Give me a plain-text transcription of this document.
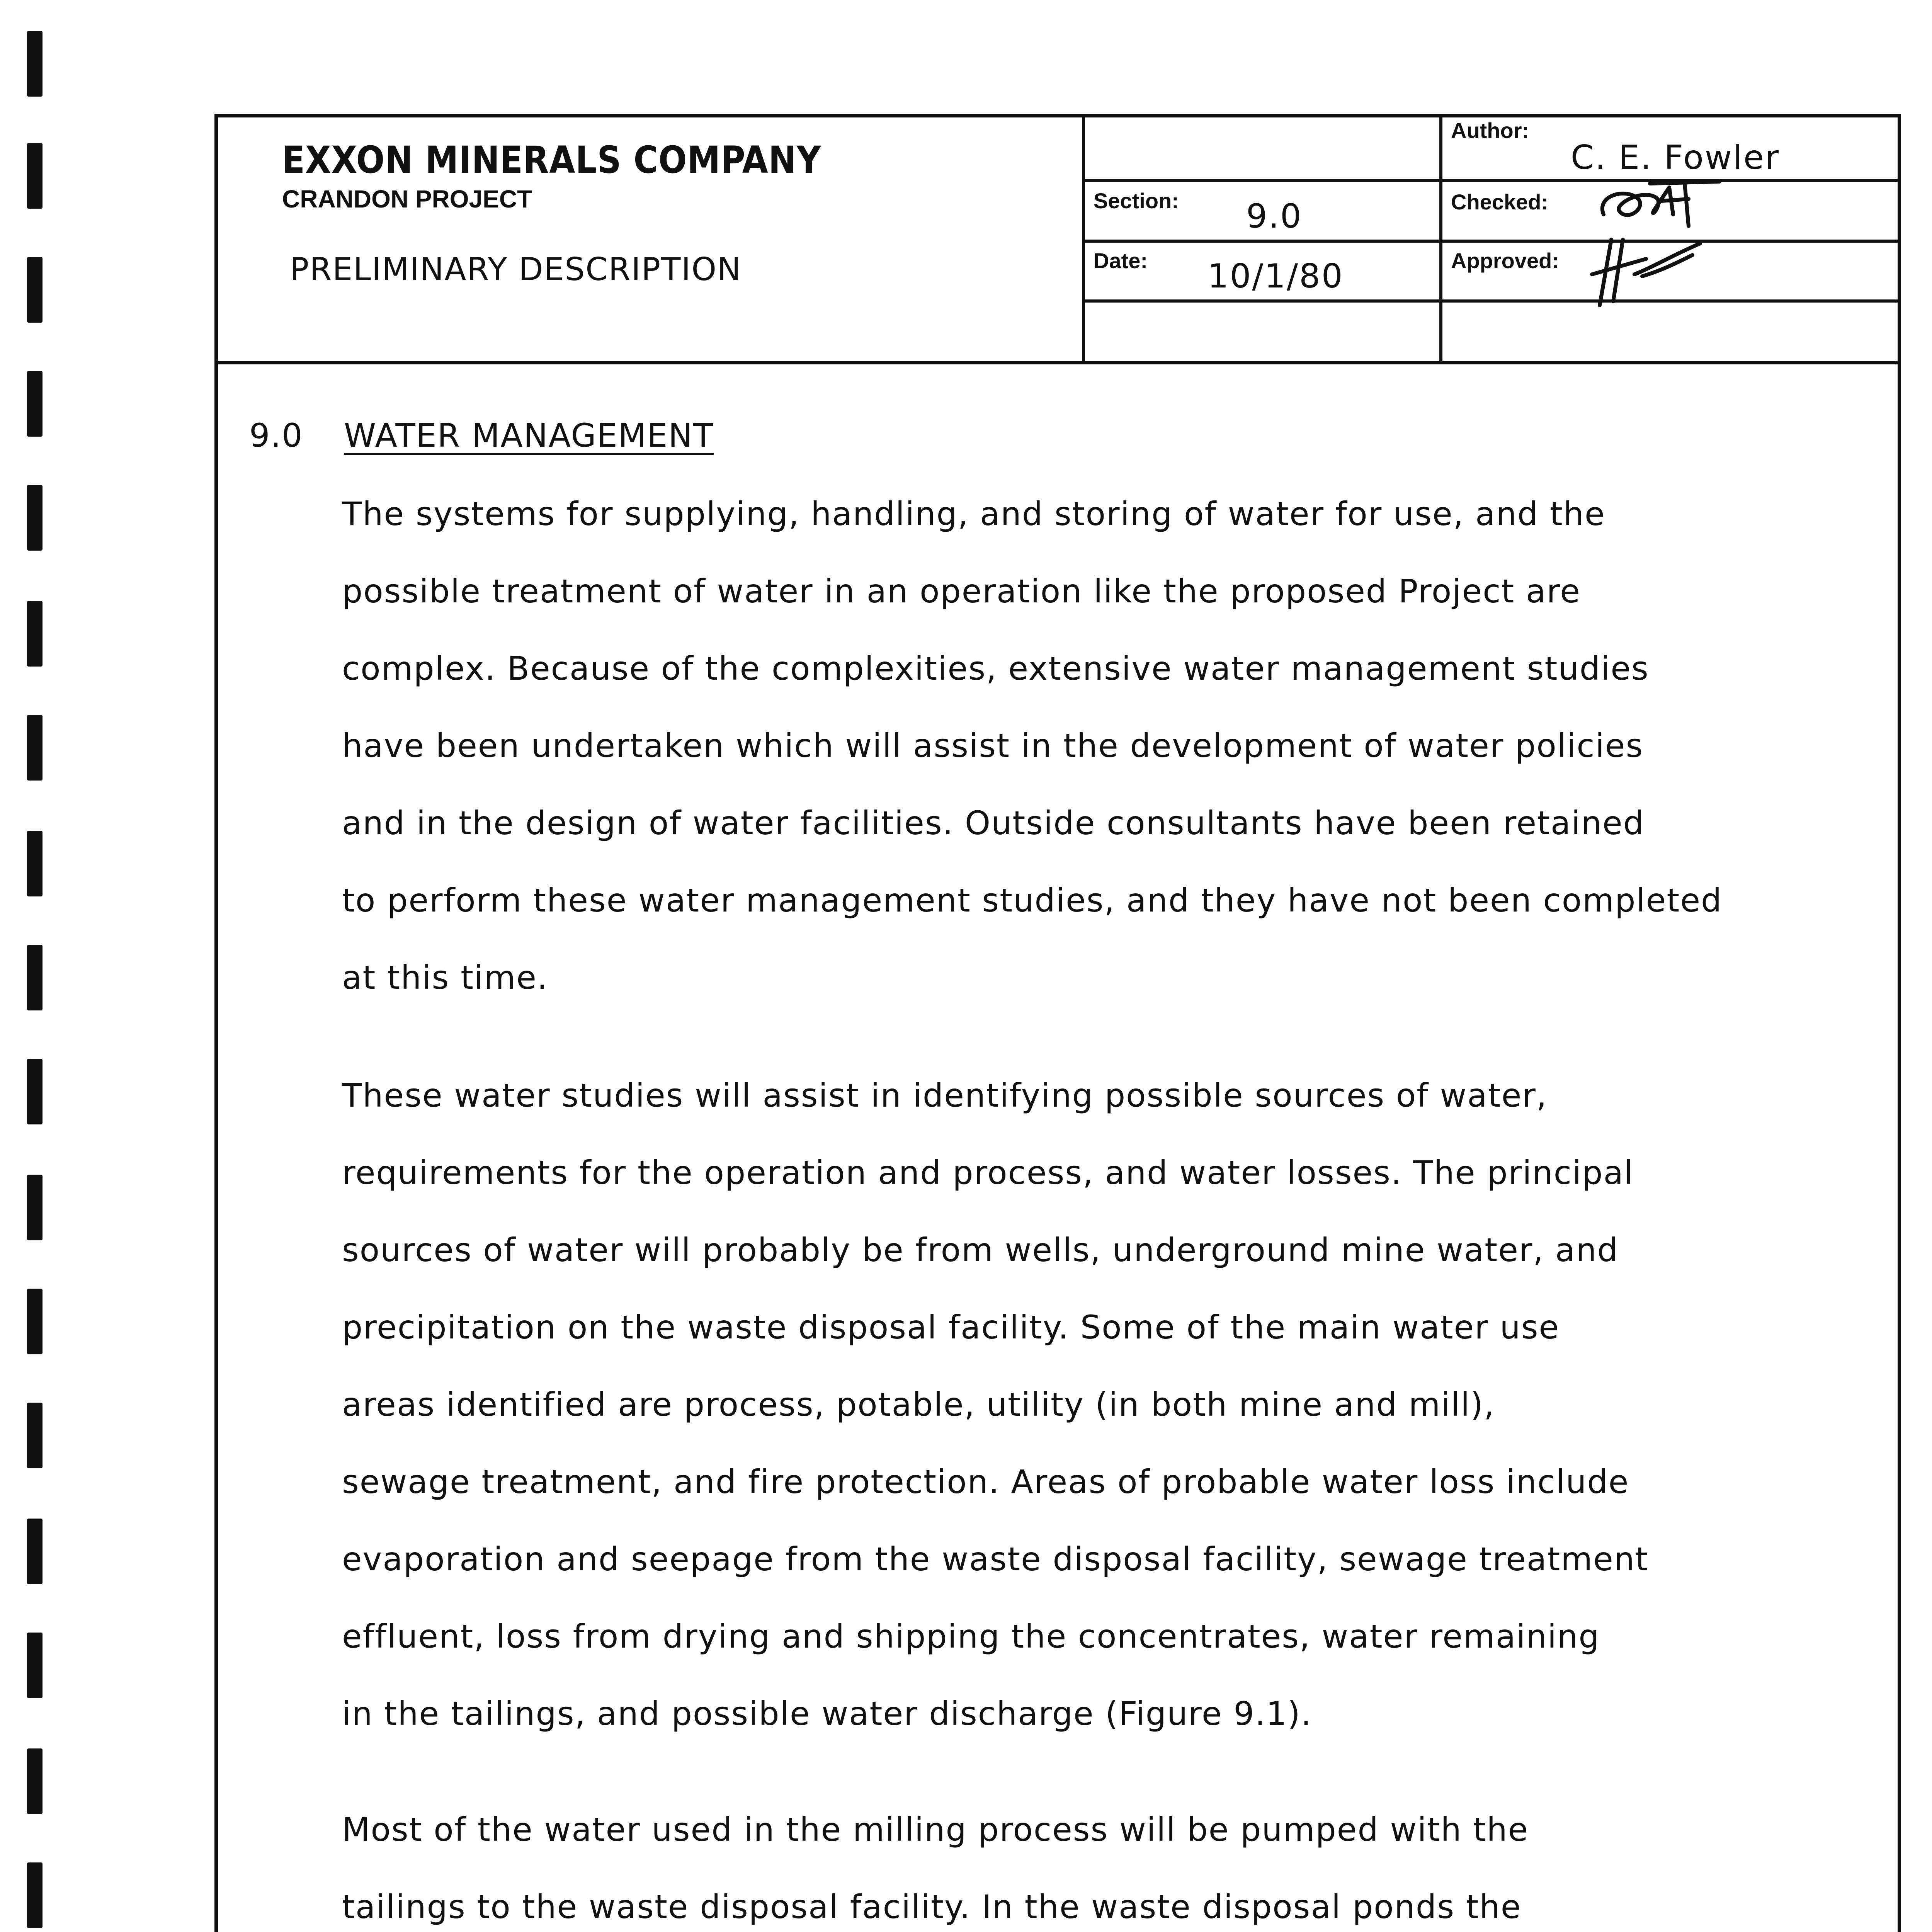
EXXON MINERALS COMPANY
CRANDON PROJECT
PRELIMINARY DESCRIPTION
Author:
C. E. Fowler
Section: 9.0	Checked:
Date: 10/1/80	Approved:
9.0 WATER MANAGEMENT
The systems for supplying, handling, and storing of water for use, and the
possible treatment of water in an operation like the proposed Project are
complex. Because of the complexities, extensive water management studies
have been undertaken which will assist in the development of water policies
and in the design of water facilities. Outside consultants have been retained
to perform these water management studies, and they have not been completed
at this time.
These water studies will assist in identifying possible sources of water,
requirements for the operation and process, and water losses. The principal
sources of water will probably be from wells, underground mine water, and
precipitation on the waste disposal facility. Some of the main water use
areas identified are process, potable, utility (in both mine and mill),
sewage treatment, and fire protection. Areas of probable water loss include
evaporation and seepage from the waste disposal facility, sewage treatment
effluent, loss from drying and shipping the concentrates, water remaining
in the tailings, and possible water discharge (Figure 9.1).
Most of the water used in the milling process will be pumped with the
tailings to the waste disposal facility. In the waste disposal ponds the
